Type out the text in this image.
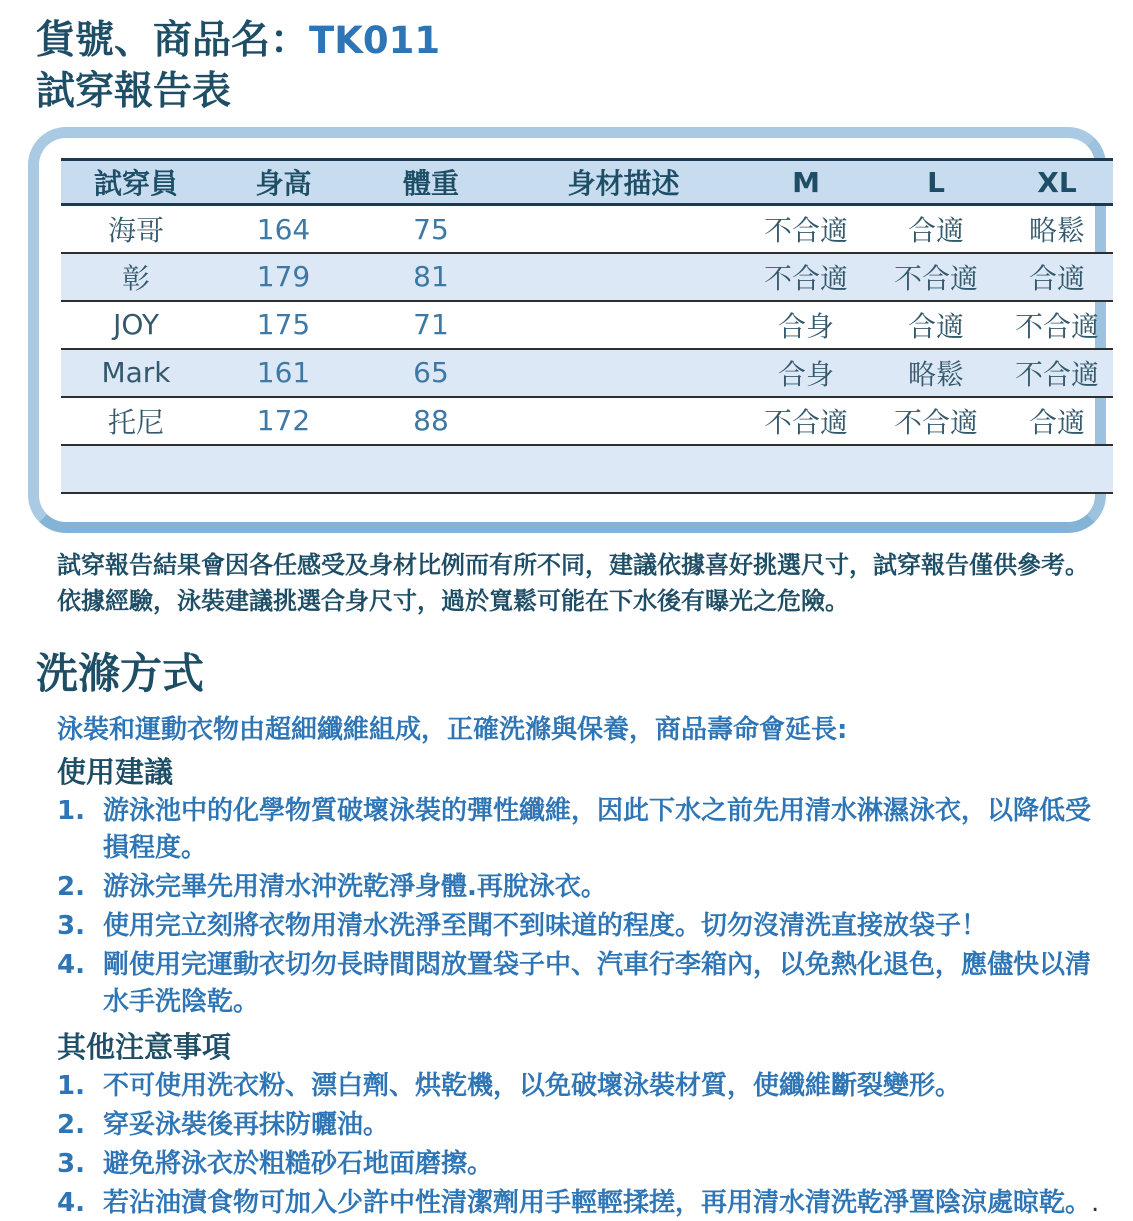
貨號、商品名：TK011
試穿報告表
試穿員	身高	體重	身材描述	M	L	XL
海哥	164	75		不合適	合適	略鬆
彰	179	81		不合適	不合適	合適
JOY	175	71		合身	合適	不合適
Mark	161	65		合身	略鬆	不合適
托尼	172	88		不合適	不合適	合適

試穿報告結果會因各任感受及身材比例而有所不同，建議依據喜好挑選尺寸，試穿報告僅供參考。
依據經驗，泳裝建議挑選合身尺寸，過於寬鬆可能在下水後有曝光之危險。
洗滌方式
泳裝和運動衣物由超細纖維組成，正確洗滌與保養，商品壽命會延長:
使用建議
1. 游泳池中的化學物質破壞泳裝的彈性纖維，因此下水之前先用清水淋濕泳衣，以降低受損程度。
2. 游泳完畢先用清水沖洗乾淨身體.再脫泳衣。
3. 使用完立刻將衣物用清水洗淨至聞不到味道的程度。切勿沒清洗直接放袋子！
4. 剛使用完運動衣切勿長時間悶放置袋子中、汽車行李箱內，以免熱化退色，應儘快以清水手洗陰乾。
其他注意事項
1. 不可使用洗衣粉、漂白劑、烘乾機，以免破壞泳裝材質，使纖維斷裂變形。
2. 穿妥泳裝後再抹防曬油。
3. 避免將泳衣於粗糙砂石地面磨擦。
4. 若沾油漬食物可加入少許中性清潔劑用手輕輕揉搓，再用清水清洗乾淨置陰涼處晾乾。.
